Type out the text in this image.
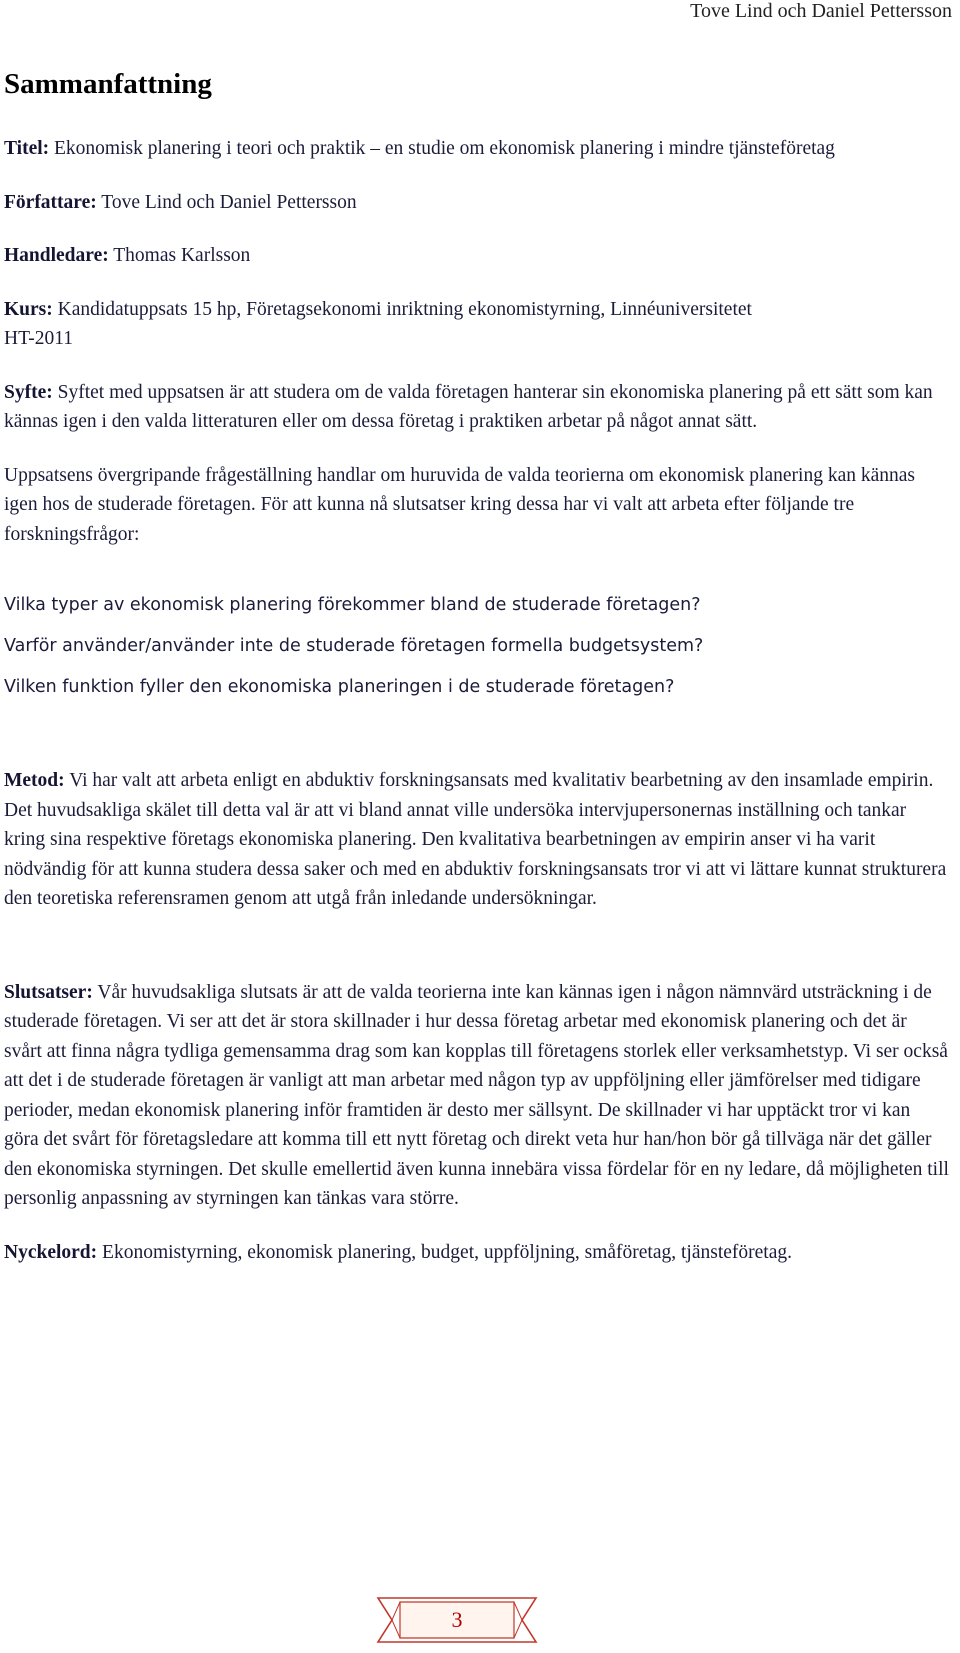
Tove Lind och Daniel Pettersson
Sammanfattning

Titel: Ekonomisk planering i teori och praktik – en studie om ekonomisk planering i mindre tjänsteföretag

Författare: Tove Lind och Daniel Pettersson

Handledare: Thomas Karlsson

Kurs: Kandidatuppsats 15 hp, Företagsekonomi inriktning ekonomistyrning, Linnéuniversitetet HT-2011

Syfte: Syftet med uppsatsen är att studera om de valda företagen hanterar sin ekonomiska planering på ett sätt som kan kännas igen i den valda litteraturen eller om dessa företag i praktiken arbetar på något annat sätt.

Uppsatsens övergripande frågeställning handlar om huruvida de valda teorierna om ekonomisk planering kan kännas igen hos de studerade företagen. För att kunna nå slutsatser kring dessa har vi valt att arbeta efter följande tre forskningsfrågor:

Vilka typer av ekonomisk planering förekommer bland de studerade företagen?

Varför använder/använder inte de studerade företagen formella budgetsystem?

Vilken funktion fyller den ekonomiska planeringen i de studerade företagen?

Metod: Vi har valt att arbeta enligt en abduktiv forskningsansats med kvalitativ bearbetning av den insamlade empirin. Det huvudsakliga skälet till detta val är att vi bland annat ville undersöka intervjupersonernas inställning och tankar kring sina respektive företags ekonomiska planering. Den kvalitativa bearbetningen av empirin anser vi ha varit nödvändig för att kunna studera dessa saker och med en abduktiv forskningsansats tror vi att vi lättare kunnat strukturera den teoretiska referensramen genom att utgå från inledande undersökningar.

Slutsatser: Vår huvudsakliga slutsats är att de valda teorierna inte kan kännas igen i någon nämnvärd utsträckning i de studerade företagen. Vi ser att det är stora skillnader i hur dessa företag arbetar med ekonomisk planering och det är svårt att finna några tydliga gemensamma drag som kan kopplas till företagens storlek eller verksamhetstyp. Vi ser också att det i de studerade företagen är vanligt att man arbetar med någon typ av uppföljning eller jämförelser med tidigare perioder, medan ekonomisk planering inför framtiden är desto mer sällsynt. De skillnader vi har upptäckt tror vi kan göra det svårt för företagsledare att komma till ett nytt företag och direkt veta hur han/hon bör gå tillväga när det gäller den ekonomiska styrningen. Det skulle emellertid även kunna innebära vissa fördelar för en ny ledare, då möjligheten till personlig anpassning av styrningen kan tänkas vara större.

Nyckelord: Ekonomistyrning, ekonomisk planering, budget, uppföljning, småföretag, tjänsteföretag.

3
